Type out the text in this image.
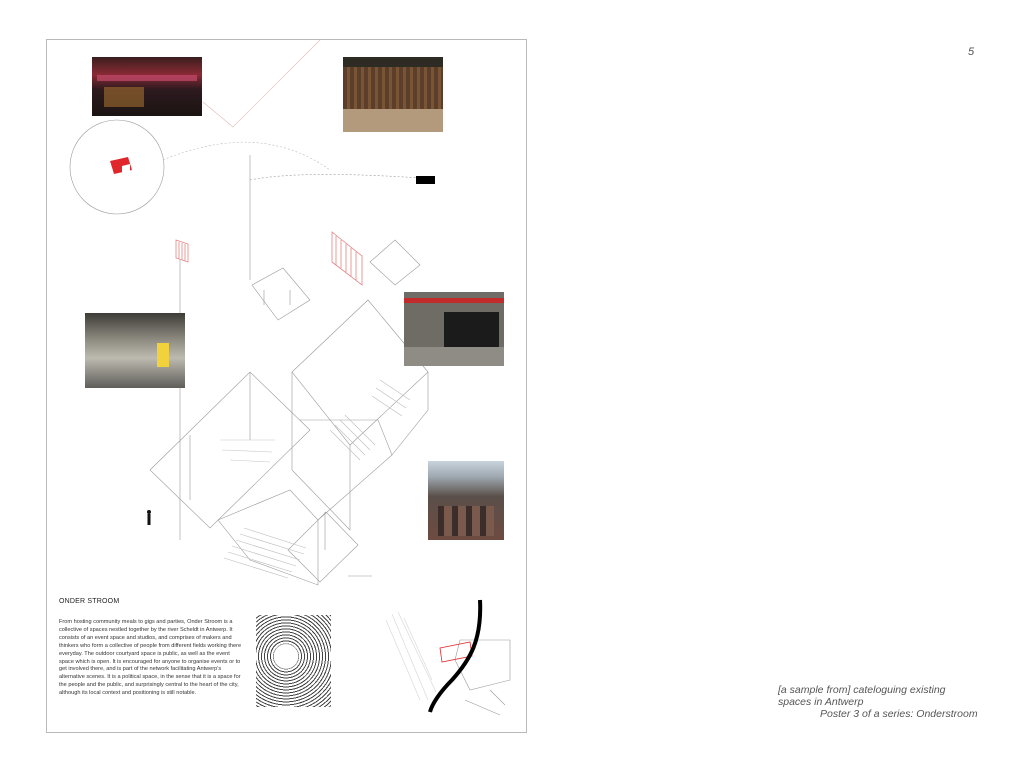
5
ONDER STROOM
From hosting community meals to gigs and parties, Onder Stroom is a collective of spaces nestled together by the river Scheldt in Antwerp. It consists of an event space and studios, and comprises of makers and thinkers who form a collective of people from different fields working there everyday. The outdoor courtyard space is public, as well as the event space which is open. It is encouraged for anyone to organise events or to get involved there, and is part of the network facilitating Antwerp's alternative scenes. It is a political space, in the sense that it is a space for the people and the public, and surprisingly central to the heart of the city, although its local context and positioning is still notable.	[a sample from] cateloguing existing
spaces in Antwerp
Poster 3 of a series: Onderstroom
